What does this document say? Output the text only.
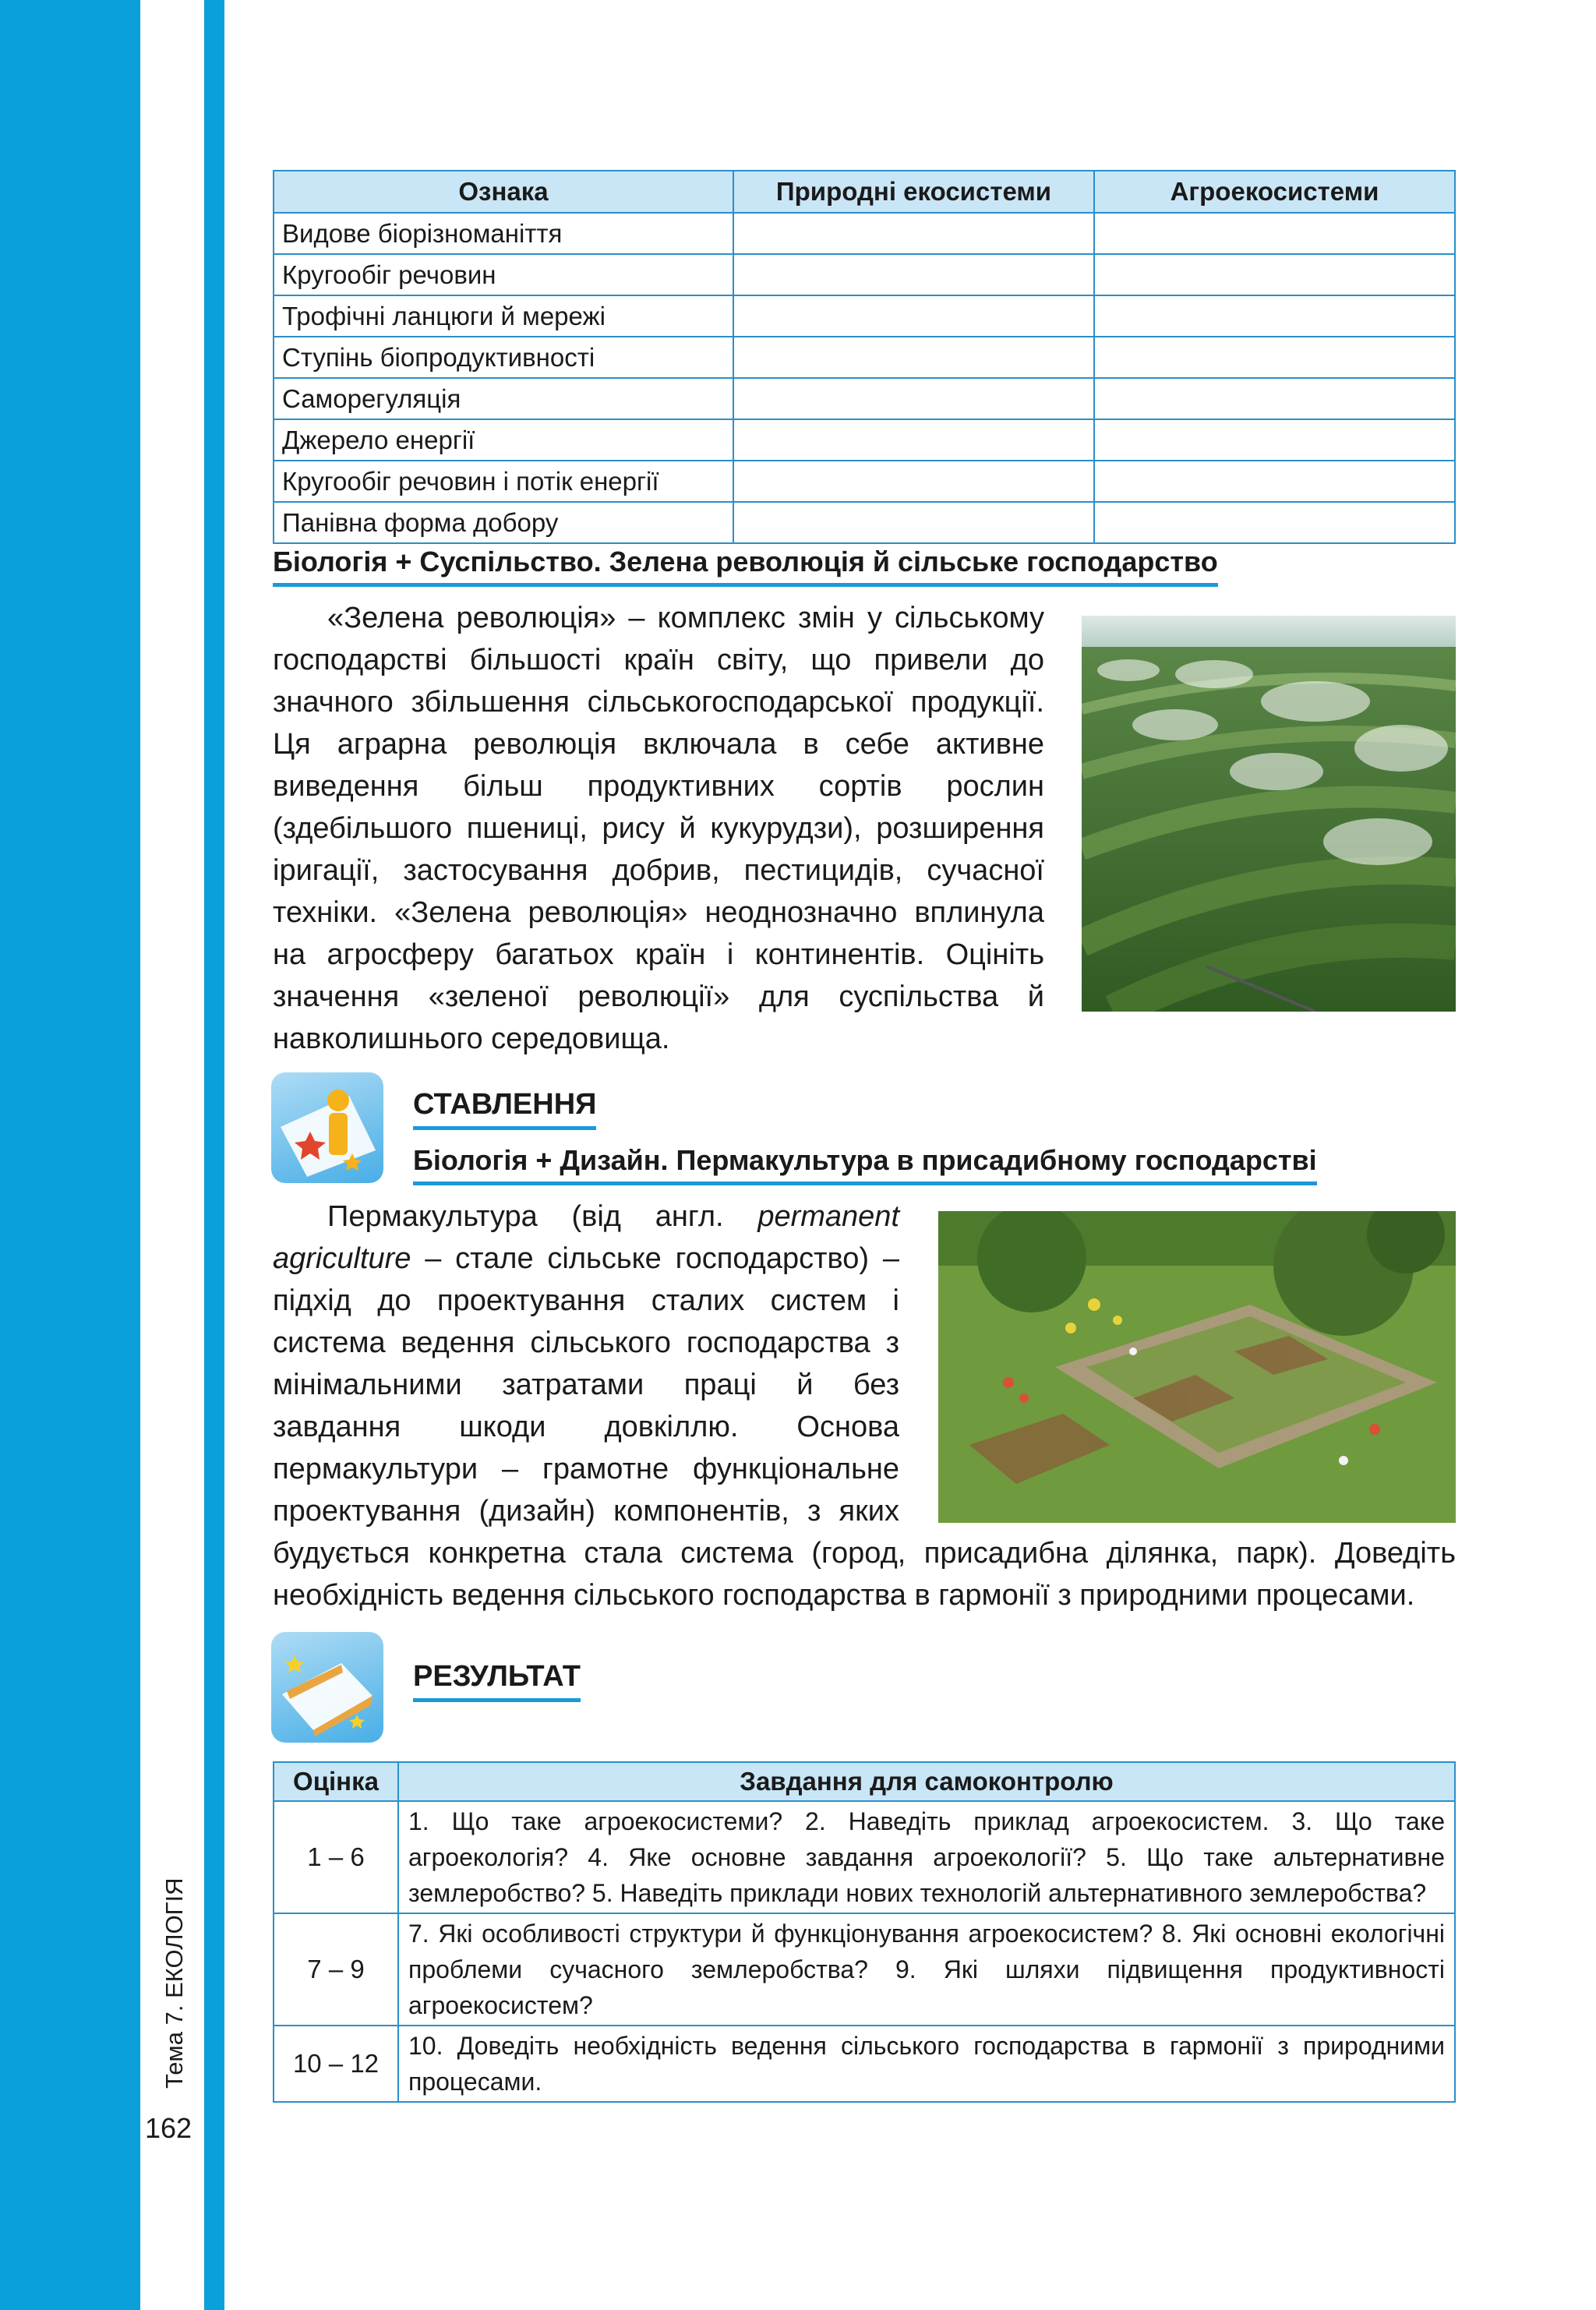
Тема 7. ЕКОЛОГІЯ
162
Ознака	Природні екосистеми	Агроекосистеми
Видове біорізноманіття		
Кругообіг речовин		
Трофічні ланцюги й мережі		
Ступінь біопродуктивності		
Саморегуляція		
Джерело енергії		
Кругообіг речовин і потік енергії		
Панівна форма добору		
Біологія + Суспільство. Зелена революція й сільське господарство
«Зелена революція» – комплекс змін у сільському господарстві більшості країн світу, що привели до значного збільшення сільськогосподарської продукції. Ця аграрна революція включала в себе активне виведення більш продуктивних сортів рослин (здебільшого пшениці, рису й кукурудзи), розширення іригації, застосування добрив, пестицидів, сучасної техніки. «Зелена революція» неоднозначно вплинула на агросферу багатьох країн і континентів. Оцініть значення «зеленої революції» для суспільства й навколишнього середовища.
СТАВЛЕННЯ
Біологія + Дизайн. Пермакультура в присадибному господарстві
Пермакультура (від англ. permanent agriculture – стале сільське господарство) – підхід до проектування сталих систем і система ведення сільського господарства з мінімальними затратами праці й без завдання шкоди довкіллю. Основа пермакультури – грамотне функціональне проектування (дизайн) компонентів, з яких будується конкретна стала система (город, присадибна ділянка, парк). Доведіть необхідність ведення сільського господарства в гармонії з природними процесами.
РЕЗУЛЬТАТ
Оцінка	Завдання для самоконтролю
1 – 6	1. Що таке агроекосистеми? 2. Наведіть приклад агроекосистем. 3. Що таке агроекологія? 4. Яке основне завдання агроекології? 5. Що таке альтернативне землеробство? 5. Наведіть приклади нових технологій альтернативного землеробства?
7 – 9	7. Які особливості структури й функціонування агроекосистем? 8. Які основні екологічні проблеми сучасного землеробства? 9. Які шляхи підвищення продуктивності агроекосистем?
10 – 12	10. Доведіть необхідність ведення сільського господарства в гармонії з природними процесами.
